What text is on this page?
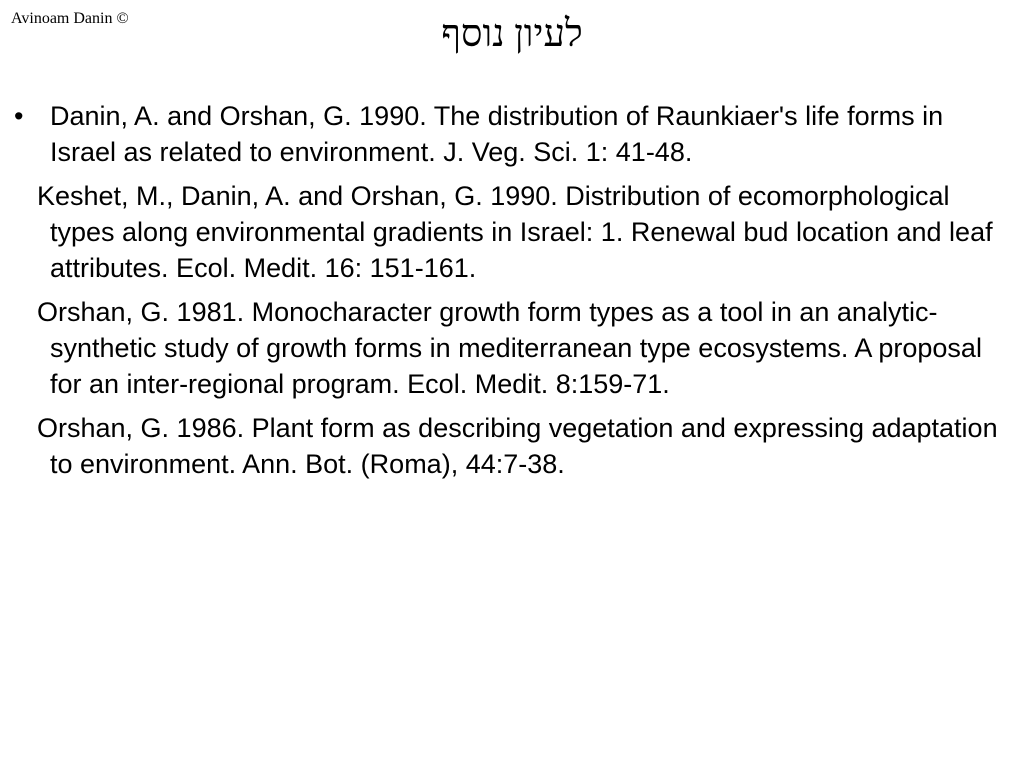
Avinoam Danin ©	לעיון נוסף
• Danin, A. and Orshan, G. 1990. The distribution of Raunkiaer's life forms in Israel as related to environment. J. Veg. Sci. 1: 41-48.
Keshet, M., Danin, A. and Orshan, G. 1990. Distribution of ecomorphological types along environmental gradients in Israel: 1. Renewal bud location and leaf attributes. Ecol. Medit. 16: 151-161.
Orshan, G. 1981. Monocharacter growth form types as a tool in an analytic-synthetic study of growth forms in mediterranean type ecosystems. A proposal for an inter-regional program. Ecol. Medit. 8:159-71.
Orshan, G. 1986. Plant form as describing vegetation and expressing adaptation to environment. Ann. Bot. (Roma), 44:7-38.
